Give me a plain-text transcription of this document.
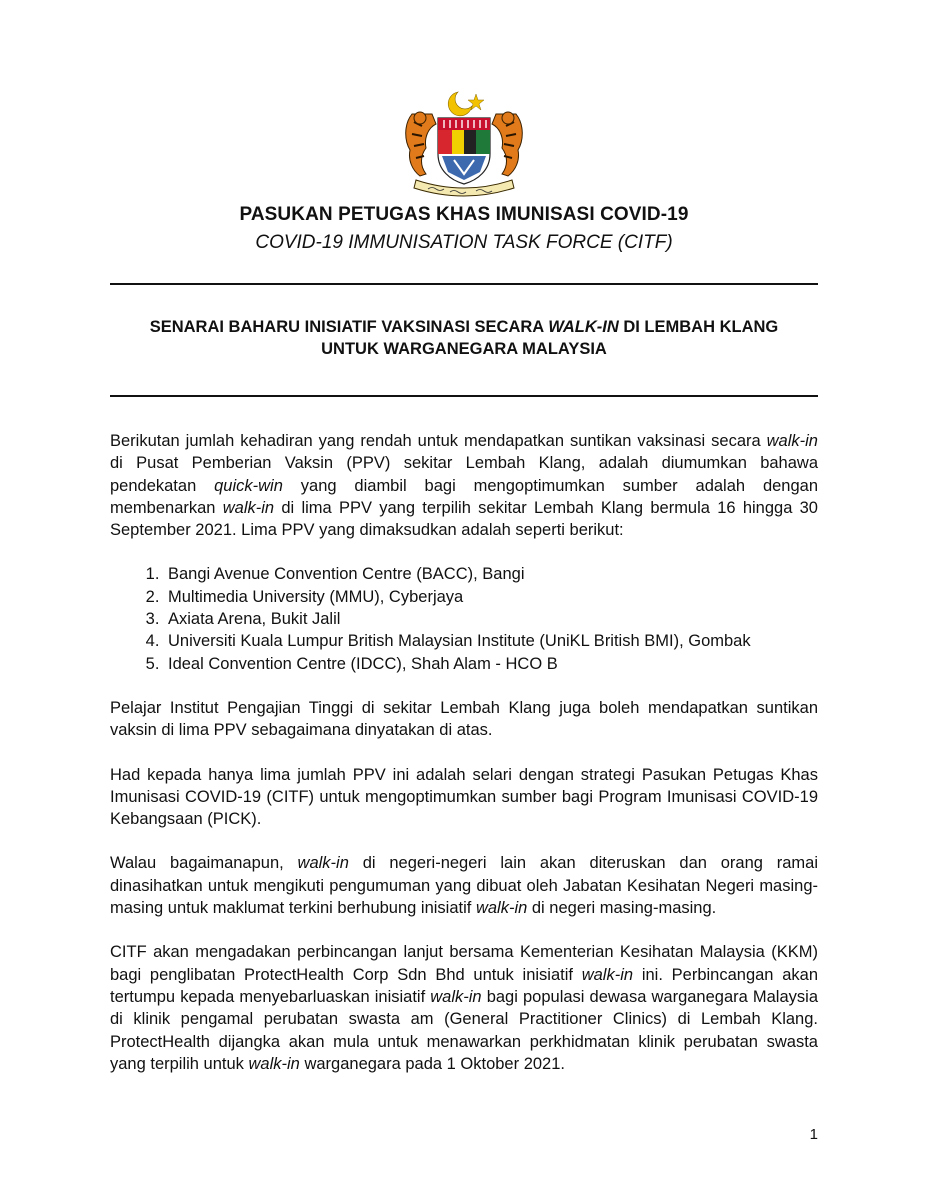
PASUKAN PETUGAS KHAS IMUNISASI COVID-19
COVID-19 IMMUNISATION TASK FORCE (CITF)
SENARAI BAHARU INISIATIF VAKSINASI SECARA WALK-IN DI LEMBAH KLANG
UNTUK WARGANEGARA MALAYSIA

Berikutan jumlah kehadiran yang rendah untuk mendapatkan suntikan vaksinasi secara walk-in di Pusat Pemberian Vaksin (PPV) sekitar Lembah Klang, adalah diumumkan bahawa pendekatan quick-win yang diambil bagi mengoptimumkan sumber adalah dengan membenarkan walk-in di lima PPV yang terpilih sekitar Lembah Klang bermula 16 hingga 30 September 2021. Lima PPV yang dimaksudkan adalah seperti berikut:

1. Bangi Avenue Convention Centre (BACC), Bangi
2. Multimedia University (MMU), Cyberjaya
3. Axiata Arena, Bukit Jalil
4. Universiti Kuala Lumpur British Malaysian Institute (UniKL British BMI), Gombak
5. Ideal Convention Centre (IDCC), Shah Alam - HCO B

Pelajar Institut Pengajian Tinggi di sekitar Lembah Klang juga boleh mendapatkan suntikan vaksin di lima PPV sebagaimana dinyatakan di atas.

Had kepada hanya lima jumlah PPV ini adalah selari dengan strategi Pasukan Petugas Khas Imunisasi COVID-19 (CITF) untuk mengoptimumkan sumber bagi Program Imunisasi COVID-19 Kebangsaan (PICK).

Walau bagaimanapun, walk-in di negeri-negeri lain akan diteruskan dan orang ramai dinasihatkan untuk mengikuti pengumuman yang dibuat oleh Jabatan Kesihatan Negeri masing-masing untuk maklumat terkini berhubung inisiatif walk-in di negeri masing-masing.

CITF akan mengadakan perbincangan lanjut bersama Kementerian Kesihatan Malaysia (KKM) bagi penglibatan ProtectHealth Corp Sdn Bhd untuk inisiatif walk-in ini. Perbincangan akan tertumpu kepada menyebarluaskan inisiatif walk-in bagi populasi dewasa warganegara Malaysia di klinik pengamal perubatan swasta am (General Practitioner Clinics) di Lembah Klang. ProtectHealth dijangka akan mula untuk menawarkan perkhidmatan klinik perubatan swasta yang terpilih untuk walk-in warganegara pada 1 Oktober 2021.

1
